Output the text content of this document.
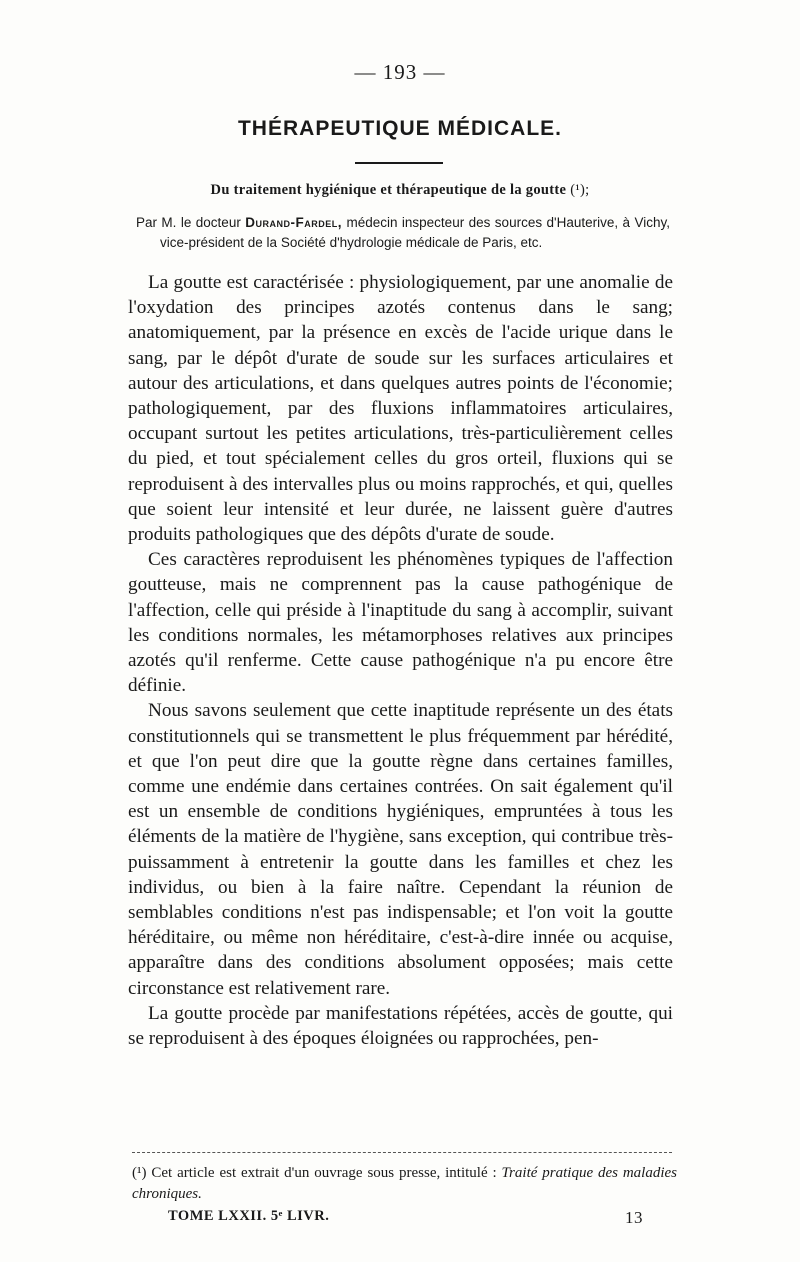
— 193 —
THÉRAPEUTIQUE MÉDICALE.
Du traitement hygiénique et thérapeutique de la goutte (¹);
Par M. le docteur Durand-Fardel, médecin inspecteur des sources d'Hauterive, à Vichy, vice-président de la Société d'hydrologie médicale de Paris, etc.

La goutte est caractérisée : physiologiquement, par une anomalie de l'oxydation des principes azotés contenus dans le sang; anatomiquement, par la présence en excès de l'acide urique dans le sang, par le dépôt d'urate de soude sur les surfaces articulaires et autour des articulations, et dans quelques autres points de l'économie; pathologiquement, par des fluxions inflammatoires articulaires, occupant surtout les petites articulations, très-particulièrement celles du pied, et tout spécialement celles du gros orteil, fluxions qui se reproduisent à des intervalles plus ou moins rapprochés, et qui, quelles que soient leur intensité et leur durée, ne laissent guère d'autres produits pathologiques que des dépôts d'urate de soude.

Ces caractères reproduisent les phénomènes typiques de l'affection goutteuse, mais ne comprennent pas la cause pathogénique de l'affection, celle qui préside à l'inaptitude du sang à accomplir, suivant les conditions normales, les métamorphoses relatives aux principes azotés qu'il renferme. Cette cause pathogénique n'a pu encore être définie.

Nous savons seulement que cette inaptitude représente un des états constitutionnels qui se transmettent le plus fréquemment par hérédité, et que l'on peut dire que la goutte règne dans certaines familles, comme une endémie dans certaines contrées. On sait également qu'il est un ensemble de conditions hygiéniques, empruntées à tous les éléments de la matière de l'hygiène, sans exception, qui contribue très-puissamment à entretenir la goutte dans les familles et chez les individus, ou bien à la faire naître. Cependant la réunion de semblables conditions n'est pas indispensable; et l'on voit la goutte héréditaire, ou même non héréditaire, c'est-à-dire innée ou acquise, apparaître dans des conditions absolument opposées; mais cette circonstance est relativement rare.

La goutte procède par manifestations répétées, accès de goutte, qui se reproduisent à des époques éloignées ou rapprochées, pen-

(¹) Cet article est extrait d'un ouvrage sous presse, intitulé : Traité pratique des maladies chroniques.
TOME LXXII. 5ᵉ LIVR.	13
